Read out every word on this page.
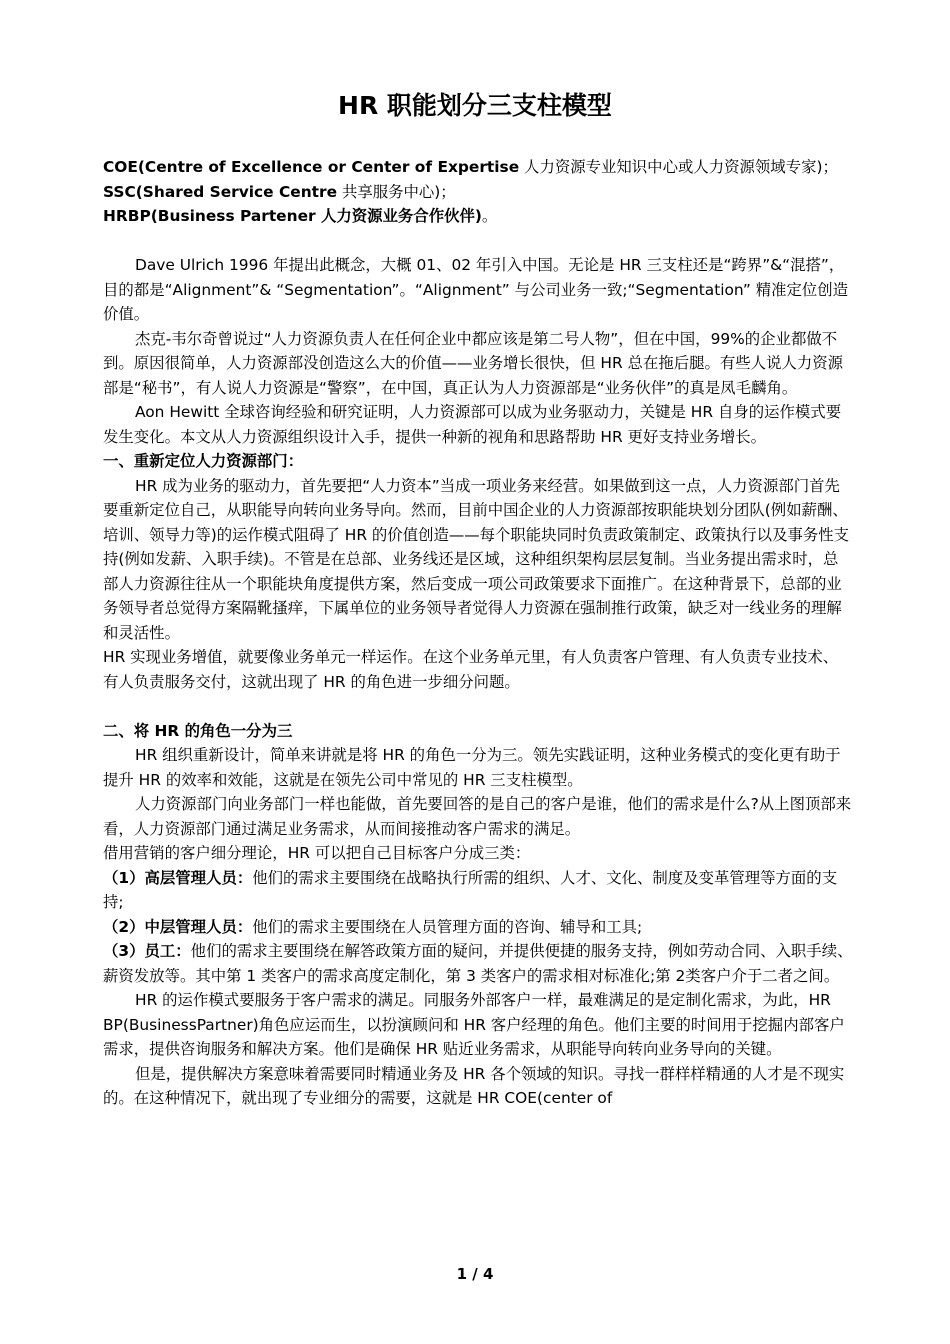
HR 职能划分三支柱模型

COE(Centre of Excellence or Center of Expertise 人力资源专业知识中心或人力资源领域专家)；

SSC(Shared Service Centre 共享服务中心)；

HRBP(Business Partener 人力资源业务合作伙伴)。

Dave Ulrich 1996 年提出此概念，大概 01、02 年引入中国。无论是 HR 三支柱还是“跨界”&“混搭”，目的都是“Alignment”& “Segmentation”。“Alignment” 与公司业务一致;“Segmentation” 精准定位创造价值。

杰克-韦尔奇曾说过“人力资源负责人在任何企业中都应该是第二号人物”，但在中国，99%的企业都做不到。原因很简单，人力资源部没创造这么大的价值——业务增长很快，但 HR 总在拖后腿。有些人说人力资源部是“秘书”，有人说人力资源是“警察”，在中国，真正认为人力资源部是“业务伙伴”的真是凤毛麟角。

Aon Hewitt 全球咨询经验和研究证明，人力资源部可以成为业务驱动力，关键是 HR 自身的运作模式要发生变化。本文从人力资源组织设计入手，提供一种新的视角和思路帮助 HR 更好支持业务增长。

一、重新定位人力资源部门：

HR 成为业务的驱动力，首先要把“人力资本”当成一项业务来经营。如果做到这一点，人力资源部门首先要重新定位自己，从职能导向转向业务导向。然而，目前中国企业的人力资源部按职能块划分团队(例如薪酬、培训、领导力等)的运作模式阻碍了 HR 的价值创造——每个职能块同时负责政策制定、政策执行以及事务性支持(例如发薪、入职手续)。不管是在总部、业务线还是区域，这种组织架构层层复制。当业务提出需求时，总部人力资源往往从一个职能块角度提供方案，然后变成一项公司政策要求下面推广。在这种背景下，总部的业务领导者总觉得方案隔靴搔痒，下属单位的业务领导者觉得人力资源在强制推行政策，缺乏对一线业务的理解和灵活性。

HR 实现业务增值，就要像业务单元一样运作。在这个业务单元里，有人负责客户管理、有人负责专业技术、有人负责服务交付，这就出现了 HR 的角色进一步细分问题。

二、将 HR 的角色一分为三

HR 组织重新设计，简单来讲就是将 HR 的角色一分为三。领先实践证明，这种业务模式的变化更有助于提升 HR 的效率和效能，这就是在领先公司中常见的 HR 三支柱模型。

人力资源部门向业务部门一样也能做，首先要回答的是自己的客户是谁，他们的需求是什么?从上图顶部来看，人力资源部门通过满足业务需求，从而间接推动客户需求的满足。

借用营销的客户细分理论，HR 可以把自己目标客户分成三类：

（1）高层管理人员：他们的需求主要围绕在战略执行所需的组织、人才、文化、制度及变革管理等方面的支持;

（2）中层管理人员：他们的需求主要围绕在人员管理方面的咨询、辅导和工具;

（3）员工：他们的需求主要围绕在解答政策方面的疑问，并提供便捷的服务支持，例如劳动合同、入职手续、薪资发放等。其中第 1 类客户的需求高度定制化，第 3 类客户的需求相对标准化;第 2类客户介于二者之间。

HR 的运作模式要服务于客户需求的满足。同服务外部客户一样，最难满足的是定制化需求，为此，HR BP(BusinessPartner)角色应运而生，以扮演顾问和 HR 客户经理的角色。他们主要的时间用于挖掘内部客户需求，提供咨询服务和解决方案。他们是确保 HR 贴近业务需求，从职能导向转向业务导向的关键。

但是，提供解决方案意味着需要同时精通业务及 HR 各个领域的知识。寻找一群样样精通的人才是不现实的。在这种情况下，就出现了专业细分的需要，这就是 HR COE(center of

1 / 4
